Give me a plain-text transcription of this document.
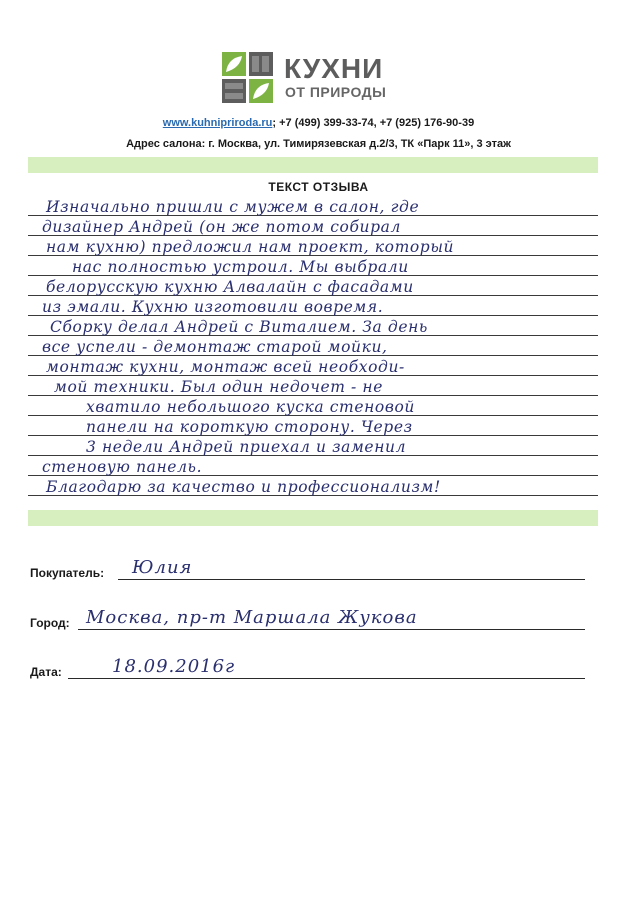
КУХНИ
ОТ ПРИРОДЫ
www.kuhnipriroda.ru; +7 (499) 399-33-74, +7 (925) 176-90-39
Адрес салона: г. Москва, ул. Тимирязевская д.2/3, ТК «Парк 11», 3 этаж
ТЕКСТ ОТЗЫВА
Изначально пришли с мужем в салон, где
дизайнер Андрей (он же потом собирал
нам кухню) предложил нам проект, который
нас полностью устроил. Мы выбрали
белорусскую кухню Алвалайн с фасадами
из эмали. Кухню изготовили вовремя.
Сборку делал Андрей с Виталием. За день
все успели - демонтаж старой мойки,
монтаж кухни, монтаж всей необходи-
мой техники. Был один недочет - не
хватило небольшого куска стеновой
панели на короткую сторону. Через
3 недели Андрей приехал и заменил
стеновую панель.
Благодарю за качество и профессионализм!
Покупатель: Юлия
Город: Москва, пр-т Маршала Жукова
Дата:	18.09.2016г
